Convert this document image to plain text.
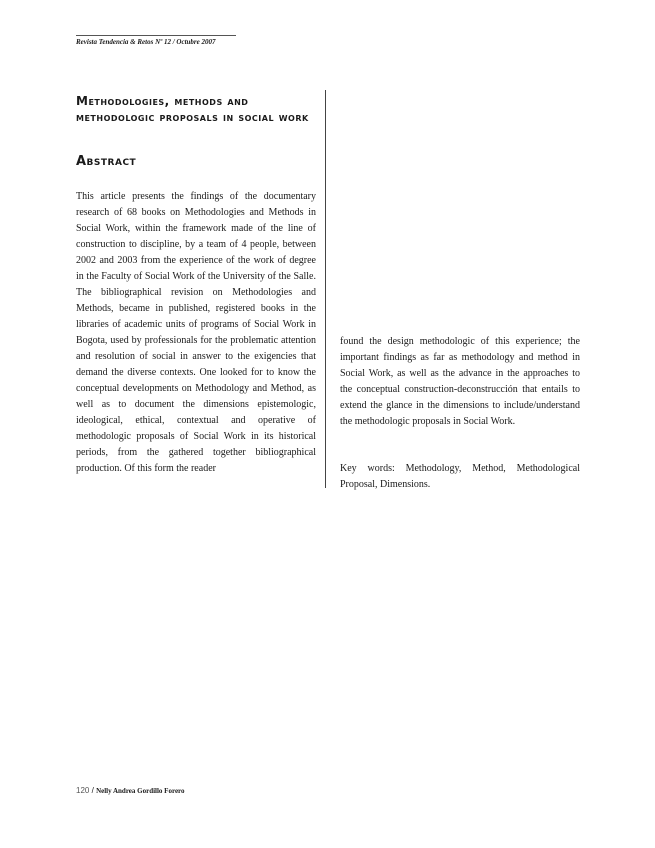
Revista Tendencia & Retos Nº 12 / Octubre 2007
Methodologies, methods and methodologic proposals in social work
Abstract

This article presents the findings of the documentary research of 68 books on Methodologies and Methods in Social Work, within the framework made of the line of construction to discipline, by a team of 4 people, between 2002 and 2003 from the experience of the work of degree in the Faculty of Social Work of the University of the Salle. The bibliographical revision on Methodologies and Methods, became in published, registered books in the libraries of academic units of programs of Social Work in Bogota, used by professionals for the problematic attention and resolution of social in answer to the exigencies that demand the diverse contexts. One looked for to know the conceptual developments on Methodology and Method, as well as to document the dimensions epistemologic, ideological, ethical, contextual and operative of methodologic proposals of Social Work in its historical periods, from the gathered together bibliographical production. Of this form the reader

found the design methodologic of this experience; the important findings as far as methodology and method in Social Work, as well as the advance in the approaches to the conceptual construction-deconstrucción that entails to extend the glance in the dimensions to include/understand the methodologic proposals in Social Work.

Key words: Methodology, Method, Methodological Proposal, Dimensions.

120 / Nelly Andrea Gordillo Forero
